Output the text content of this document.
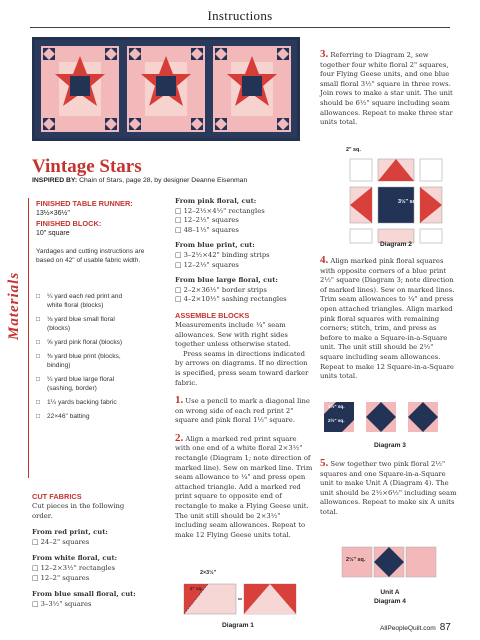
Instructions
Vintage Stars
INSPIRED BY: Chain of Stars, page 28, by designer Deanne Eisenman
Materials
FINISHED TABLE RUNNER:
13½×36½"
FINISHED BLOCK:
10" square
Yardages and cutting instructions are based on 42" of usable fabric width.
□	¼ yard each red print and white floral (blocks)
□	⅛ yard blue small floral (blocks)
□	⅝ yard pink floral (blocks)
□	⅜ yard blue print (blocks, binding)
□	¼ yard blue large floral (sashing, border)
□	1¼ yards backing fabric
□	22×46" batting
CUT FABRICS
Cut pieces in the following order.
From red print, cut:
□ 24–2" squares
From white floral, cut:
□ 12–2×3½" rectangles
□ 12–2" squares
From blue small floral, cut:
□ 3–3½" squares
From pink floral, cut:
□ 12–2½×4½" rectangles
□ 12–2½" squares
□ 48–1½" squares
From blue print, cut:
□ 3–2½×42" binding strips
□ 12–2½" squares
From blue large floral, cut:
□ 2–2×36½" border strips
□ 4–2×10½" sashing rectangles
ASSEMBLE BLOCKS
Measurements include ¼" seam allowances. Sew with right sides together unless otherwise stated.
Press seams in directions indicated by arrows on diagrams. If no direction is specified, press seam toward darker fabric.
1. Use a pencil to mark a diagonal line on wrong side of each red print 2" square and pink floral 1½" square.
2. Align a marked red print square with one end of a white floral 2×3½" rectangle (Diagram 1; note direction of marked line). Sew on marked line. Trim seam allowance to ¼" and press open attached triangle. Add a marked red print square to opposite end of rectangle to make a Flying Geese unit. The unit still should be 2×3½" including seam allowances. Repeat to make 12 Flying Geese units total.
2×3½"
2" sq.
Diagram 1
3. Referring to Diagram 2, sew together four white floral 2" squares, four Flying Geese units, and one blue small floral 3½" square in three rows. Join rows to make a star unit. The unit should be 6½" square including seam allowances. Repeat to make three star units total.
2" sq.
3½" sq.
Diagram 2
4. Align marked pink floral squares with opposite corners of a blue print 2½" square (Diagram 3; note direction of marked lines). Sew on marked lines. Trim seam allowances to ¼" and press open attached triangles. Align marked pink floral squares with remaining corners; stitch, trim, and press as before to make a Square-in-a-Square unit. The unit still should be 2½" square including seam allowances. Repeat to make 12 Square-in-a-Square units total.
1½" sq.
2½" sq.
Diagram 3
5. Sew together two pink floral 2½" squares and one Square-in-a-Square unit to make Unit A (Diagram 4). The unit should be 2½×6½" including seam allowances. Repeat to make six A units total.
2½" sq.
Unit A
Diagram 4
AllPeopleQuilt.com 87
